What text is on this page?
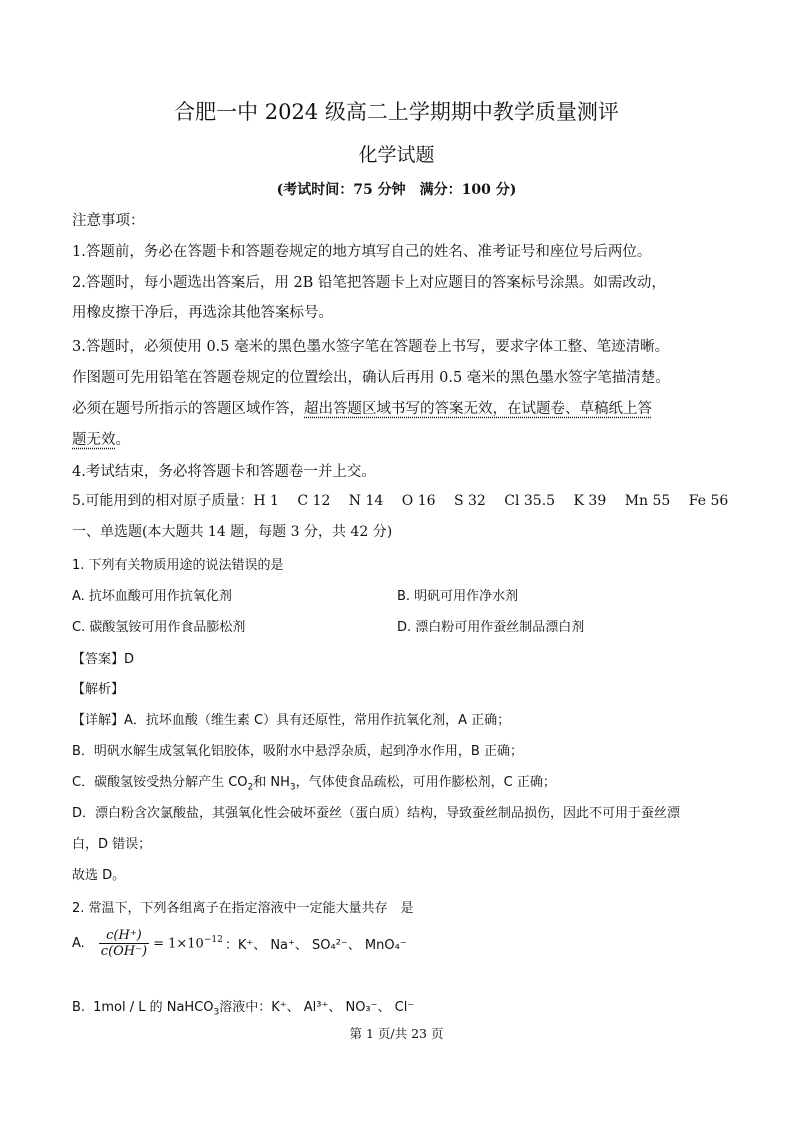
合肥一中 2024 级高二上学期期中教学质量测评
化学试题
(考试时间：75 分钟　满分：100 分)
注意事项：
1.答题前，务必在答题卡和答题卷规定的地方填写自己的姓名、准考证号和座位号后两位。
2.答题时，每小题选出答案后，用 2B 铅笔把答题卡上对应题目的答案标号涂黑。如需改动，
用橡皮擦干净后，再选涂其他答案标号。
3.答题时，必须使用 0.5 毫米的黑色墨水签字笔在答题卷上书写，要求字体工整、笔迹清晰。
作图题可先用铅笔在答题卷规定的位置绘出，确认后再用 0.5 毫米的黑色墨水签字笔描清楚。
必须在题号所指示的答题区域作答，超出答题区域书写的答案无效，在试题卷、草稿纸上答
题无效。
4.考试结束，务必将答题卡和答题卷一并上交。
5.可能用到的相对原子质量：H 1　 C 12　 N 14　 O 16　 S 32　 Cl 35.5　 K 39　 Mn 55　 Fe 56
一、单选题(本大题共 14 题，每题 3 分，共 42 分)
1. 下列有关物质用途的说法错误的是
A. 抗坏血酸可用作抗氧化剂	B. 明矾可用作净水剂
C. 碳酸氢铵可用作食品膨松剂	D. 漂白粉可用作蚕丝制品漂白剂
【答案】D
【解析】
【详解】A．抗坏血酸（维生素 C）具有还原性，常用作抗氧化剂，A 正确；
B．明矾水解生成氢氧化铝胶体，吸附水中悬浮杂质，起到净水作用，B 正确；
C．碳酸氢铵受热分解产生 $CO_2$和 $NH_3$，气体使食品疏松，可用作膨松剂，C 正确；
D．漂白粉含次氯酸盐，其强氧化性会破坏蚕丝（蛋白质）结构，导致蚕丝制品损伤，因此不可用于蚕丝漂
白，D 错误；
故选 D。
2. 常温下，下列各组离子在指定溶液中一定能大量共存　是
A. $\frac{c(H^+)}{c(OH^-)} = 1\times 10^{-12}$ ：K⁺、 Na⁺、 SO₄²⁻、 MnO₄⁻
B. 1mol / L 的 NaHCO$_3$溶液中：K⁺、 Al³⁺、 NO₃⁻、 Cl⁻
第 1 页/共 23 页
